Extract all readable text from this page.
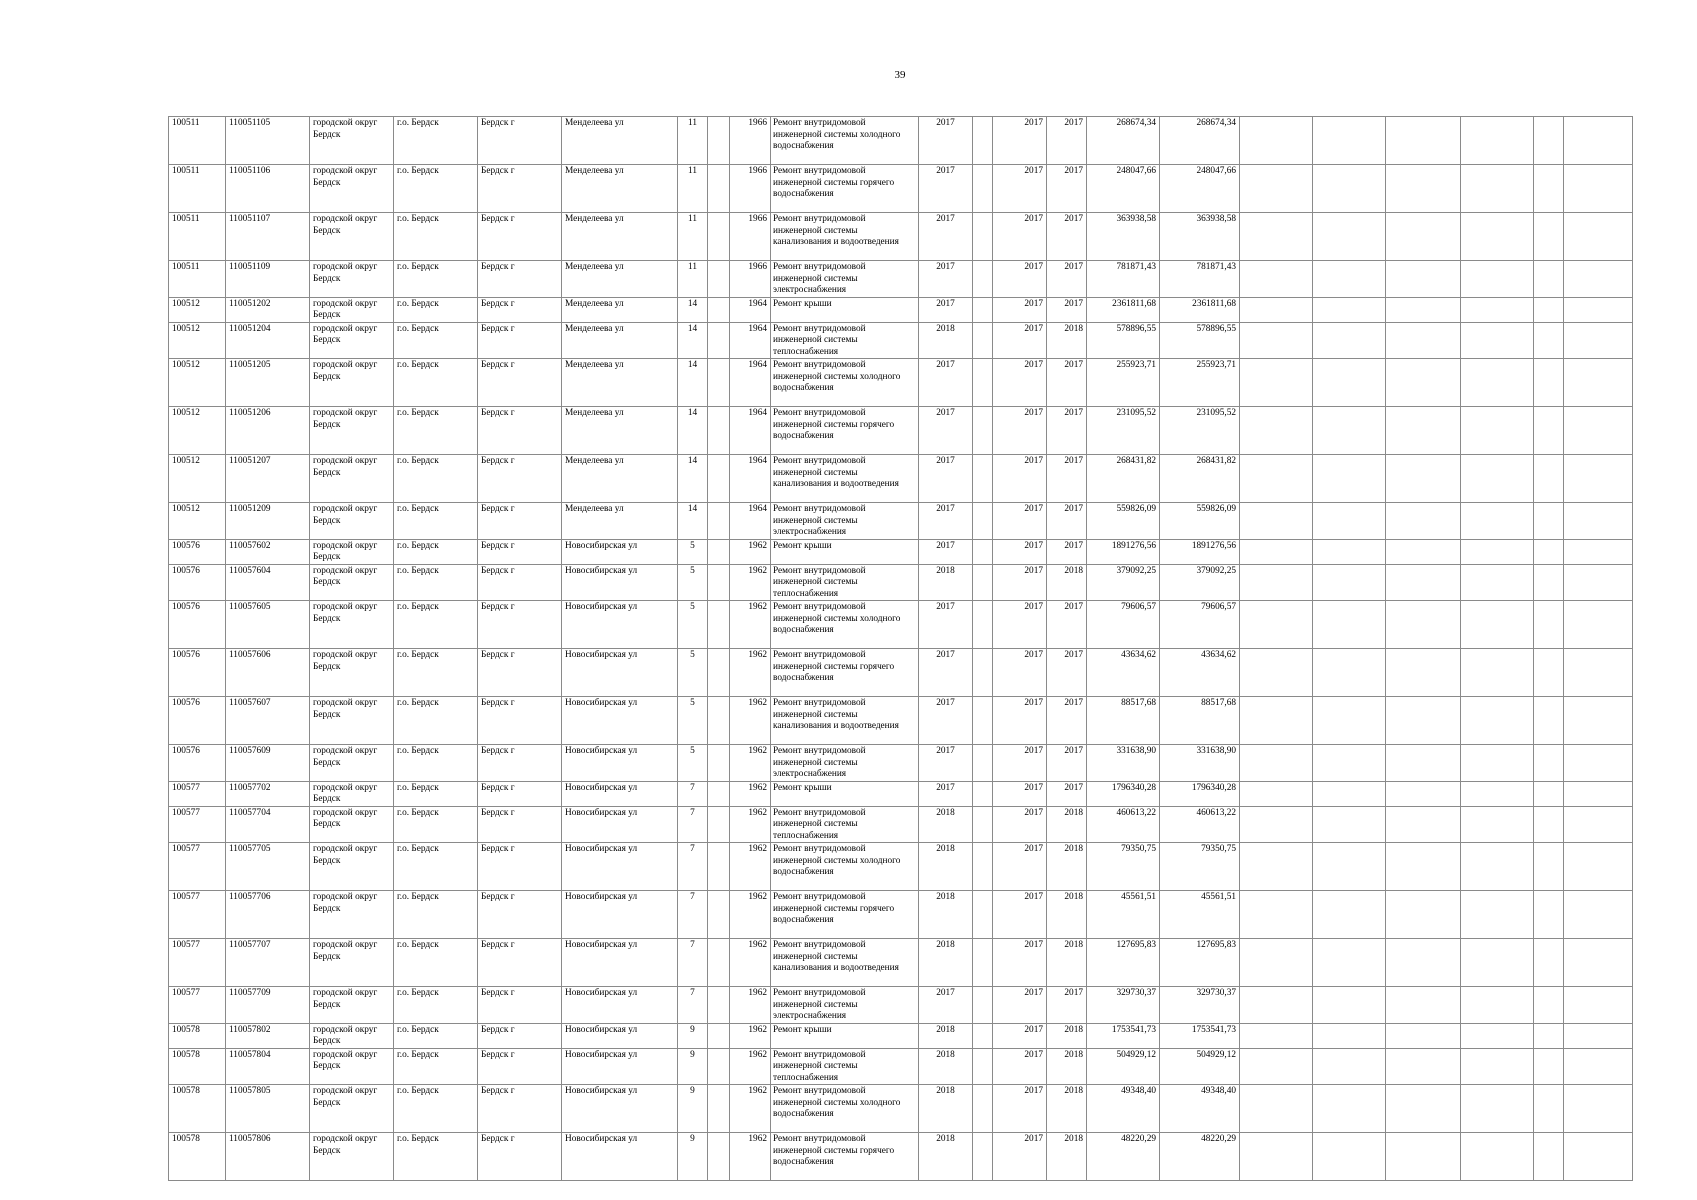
39
100511	110051105	городской округ Бердск	г.о. Бердск	Бердск г	Менделеева ул	11		1966	Ремонт внутридомовой инженерной системы холодного водоснабжения	2017		2017	2017	268674,34	268674,34						
100511	110051106	городской округ Бердск	г.о. Бердск	Бердск г	Менделеева ул	11		1966	Ремонт внутридомовой инженерной системы горячего водоснабжения	2017		2017	2017	248047,66	248047,66						
100511	110051107	городской округ Бердск	г.о. Бердск	Бердск г	Менделеева ул	11		1966	Ремонт внутридомовой инженерной системы канализования и водоотведения	2017		2017	2017	363938,58	363938,58						
100511	110051109	городской округ Бердск	г.о. Бердск	Бердск г	Менделеева ул	11		1966	Ремонт внутридомовой инженерной системы электроснабжения	2017		2017	2017	781871,43	781871,43						
100512	110051202	городской округ Бердск	г.о. Бердск	Бердск г	Менделеева ул	14		1964	Ремонт крыши	2017		2017	2017	2361811,68	2361811,68						
100512	110051204	городской округ Бердск	г.о. Бердск	Бердск г	Менделеева ул	14		1964	Ремонт внутридомовой инженерной системы теплоснабжения	2018		2017	2018	578896,55	578896,55						
100512	110051205	городской округ Бердск	г.о. Бердск	Бердск г	Менделеева ул	14		1964	Ремонт внутридомовой инженерной системы холодного водоснабжения	2017		2017	2017	255923,71	255923,71						
100512	110051206	городской округ Бердск	г.о. Бердск	Бердск г	Менделеева ул	14		1964	Ремонт внутридомовой инженерной системы горячего водоснабжения	2017		2017	2017	231095,52	231095,52						
100512	110051207	городской округ Бердск	г.о. Бердск	Бердск г	Менделеева ул	14		1964	Ремонт внутридомовой инженерной системы канализования и водоотведения	2017		2017	2017	268431,82	268431,82						
100512	110051209	городской округ Бердск	г.о. Бердск	Бердск г	Менделеева ул	14		1964	Ремонт внутридомовой инженерной системы электроснабжения	2017		2017	2017	559826,09	559826,09						
100576	110057602	городской округ Бердск	г.о. Бердск	Бердск г	Новосибирская ул	5		1962	Ремонт крыши	2017		2017	2017	1891276,56	1891276,56						
100576	110057604	городской округ Бердск	г.о. Бердск	Бердск г	Новосибирская ул	5		1962	Ремонт внутридомовой инженерной системы теплоснабжения	2018		2017	2018	379092,25	379092,25						
100576	110057605	городской округ Бердск	г.о. Бердск	Бердск г	Новосибирская ул	5		1962	Ремонт внутридомовой инженерной системы холодного водоснабжения	2017		2017	2017	79606,57	79606,57						
100576	110057606	городской округ Бердск	г.о. Бердск	Бердск г	Новосибирская ул	5		1962	Ремонт внутридомовой инженерной системы горячего водоснабжения	2017		2017	2017	43634,62	43634,62						
100576	110057607	городской округ Бердск	г.о. Бердск	Бердск г	Новосибирская ул	5		1962	Ремонт внутридомовой инженерной системы канализования и водоотведения	2017		2017	2017	88517,68	88517,68						
100576	110057609	городской округ Бердск	г.о. Бердск	Бердск г	Новосибирская ул	5		1962	Ремонт внутридомовой инженерной системы электроснабжения	2017		2017	2017	331638,90	331638,90						
100577	110057702	городской округ Бердск	г.о. Бердск	Бердск г	Новосибирская ул	7		1962	Ремонт крыши	2017		2017	2017	1796340,28	1796340,28						
100577	110057704	городской округ Бердск	г.о. Бердск	Бердск г	Новосибирская ул	7		1962	Ремонт внутридомовой инженерной системы теплоснабжения	2018		2017	2018	460613,22	460613,22						
100577	110057705	городской округ Бердск	г.о. Бердск	Бердск г	Новосибирская ул	7		1962	Ремонт внутридомовой инженерной системы холодного водоснабжения	2018		2017	2018	79350,75	79350,75						
100577	110057706	городской округ Бердск	г.о. Бердск	Бердск г	Новосибирская ул	7		1962	Ремонт внутридомовой инженерной системы горячего водоснабжения	2018		2017	2018	45561,51	45561,51						
100577	110057707	городской округ Бердск	г.о. Бердск	Бердск г	Новосибирская ул	7		1962	Ремонт внутридомовой инженерной системы канализования и водоотведения	2018		2017	2018	127695,83	127695,83						
100577	110057709	городской округ Бердск	г.о. Бердск	Бердск г	Новосибирская ул	7		1962	Ремонт внутридомовой инженерной системы электроснабжения	2017		2017	2017	329730,37	329730,37						
100578	110057802	городской округ Бердск	г.о. Бердск	Бердск г	Новосибирская ул	9		1962	Ремонт крыши	2018		2017	2018	1753541,73	1753541,73						
100578	110057804	городской округ Бердск	г.о. Бердск	Бердск г	Новосибирская ул	9		1962	Ремонт внутридомовой инженерной системы теплоснабжения	2018		2017	2018	504929,12	504929,12						
100578	110057805	городской округ Бердск	г.о. Бердск	Бердск г	Новосибирская ул	9		1962	Ремонт внутридомовой инженерной системы холодного водоснабжения	2018		2017	2018	49348,40	49348,40						
100578	110057806	городской округ Бердск	г.о. Бердск	Бердск г	Новосибирская ул	9		1962	Ремонт внутридомовой инженерной системы горячего водоснабжения	2018		2017	2018	48220,29	48220,29						
